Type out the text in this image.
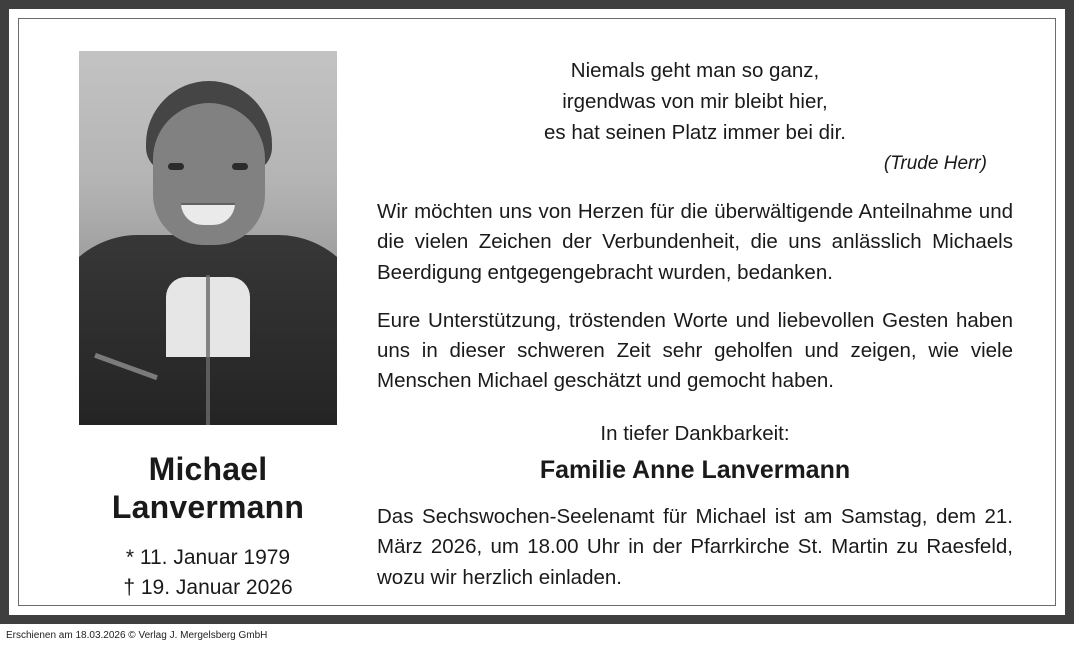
Michael
Lanvermann
* 11. Januar 1979
† 19. Januar 2026
Niemals geht man so ganz,
irgendwas von mir bleibt hier,
es hat seinen Platz immer bei dir.
(Trude Herr)
Wir möchten uns von Herzen für die überwältigende Anteilnahme und die vielen Zeichen der Verbundenheit, die uns anlässlich Michaels Beerdigung entgegengebracht wurden, bedanken.
Eure Unterstützung, tröstenden Worte und liebevollen Gesten haben uns in dieser schweren Zeit sehr geholfen und zeigen, wie viele Menschen Michael geschätzt und gemocht haben.
In tiefer Dankbarkeit:
Familie Anne Lanvermann
Das Sechswochen-Seelenamt für Michael ist am Samstag, dem 21. März 2026, um 18.00 Uhr in der Pfarrkirche St. Martin zu Raesfeld, wozu wir herzlich einladen.
Erschienen am 18.03.2026 © Verlag J. Mergelsberg GmbH
